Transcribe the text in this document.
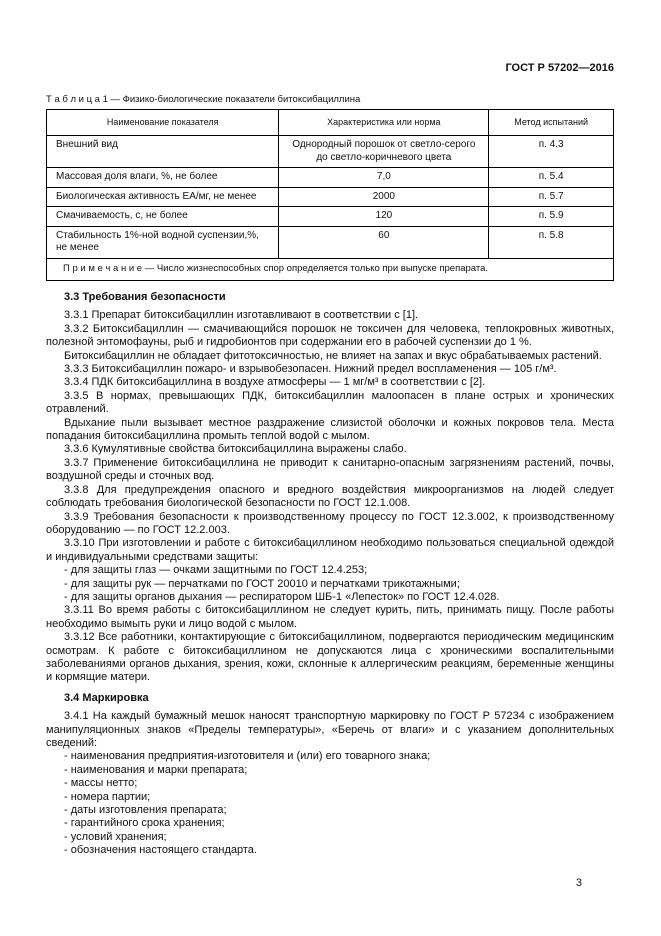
ГОСТ Р 57202—2016
Т а б л и ц а 1 — Физико-биологические показатели битоксибациллина
Наименование показателя	Характеристика или норма	Метод испытаний
Внешний вид	Однородный порошок от светло-серого до светло-коричневого цвета	п. 4.3
Массовая доля влаги, %, не более	7,0	п. 5.4
Биологическая активность ЕА/мг, не менее	2000	п. 5.7
Смачиваемость, с, не более	120	п. 5.9
Стабильность 1%-ной водной суспензии,%, не менее	60	п. 5.8
П р и м е ч а н и е — Число жизнеспособных спор определяется только при выпуске препарата.		
3.3 Требования безопасности

3.3.1 Препарат битоксибациллин изготавливают в соответствии с [1].

3.3.2 Битоксибациллин — смачивающийся порошок не токсичен для человека, теплокровных животных, полезной энтомофауны, рыб и гидробионтов при содержании его в рабочей суспензии до 1 %.

Битоксибациллин не обладает фитотоксичностью, не влияет на запах и вкус обрабатываемых растений.

3.3.3 Битоксибациллин пожаро- и взрывобезопасен. Нижний предел воспламенения — 105 г/м³.

3.3.4 ПДК битоксибациллина в воздухе атмосферы — 1 мг/м³ в соответствии с [2].

3.3.5 В нормах, превышающих ПДК, битоксибациллин малоопасен в плане острых и хронических отравлений.

Вдыхание пыли вызывает местное раздражение слизистой оболочки и кожных покровов тела. Места попадания битоксибациллина промыть теплой водой с мылом.

3.3.6 Кумулятивные свойства битоксибациллина выражены слабо.

3.3.7 Применение битоксибациллина не приводит к санитарно-опасным загрязнениям растений, почвы, воздушной среды и сточных вод.

3.3.8 Для предупреждения опасного и вредного воздействия микроорганизмов на людей следует соблюдать требования биологической безопасности по ГОСТ 12.1.008.

3.3.9 Требования безопасности к производственному процессу по ГОСТ 12.3.002, к производственному оборудованию — по ГОСТ 12.2.003.

3.3.10 При изготовлении и работе с битоксибациллином необходимо пользоваться специальной одеждой и индивидуальными средствами защиты:

- для защиты глаз — очками защитными по ГОСТ 12.4.253;
- для защиты рук — перчатками по ГОСТ 20010 и перчатками трикотажными;
- для защиты органов дыхания — респиратором ШБ-1 «Лепесток» по ГОСТ 12.4.028.

3.3.11 Во время работы с битоксибациллином не следует курить, пить, принимать пищу. После работы необходимо вымыть руки и лицо водой с мылом.

3.3.12 Все работники, контактирующие с битоксибациллином, подвергаются периодическим медицинским осмотрам. К работе с битоксибациллином не допускаются лица с хроническими воспалительными заболеваниями органов дыхания, зрения, кожи, склонные к аллергическим реакциям, беременные женщины и кормящие матери.

3.4 Маркировка

3.4.1 На каждый бумажный мешок наносят транспортную маркировку по ГОСТ Р 57234 с изображением манипуляционных знаков «Пределы температуры», «Беречь от влаги» и с указанием дополнительных сведений:

- наименования предприятия-изготовителя и (или) его товарного знака;
- наименования и марки препарата;
- массы нетто;
- номера партии;
- даты изготовления препарата;
- гарантийного срока хранения;
- условий хранения;
- обозначения настоящего стандарта.
3
